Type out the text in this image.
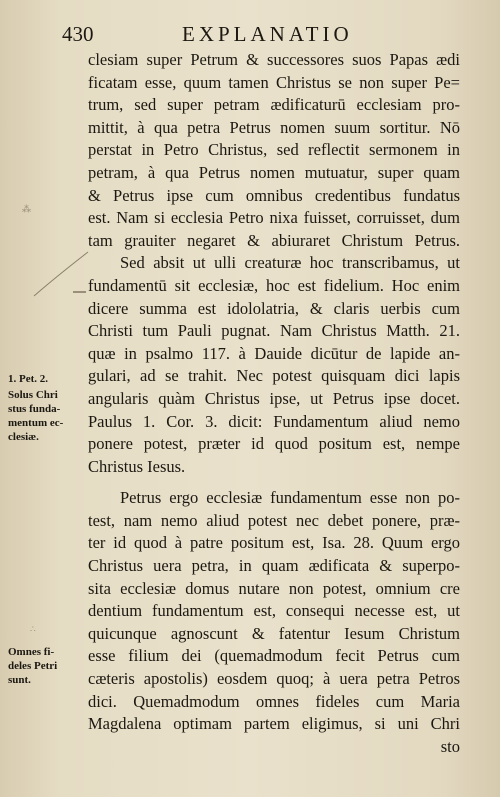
430	EXPLANATIO
clesiam super Petrum & successores suos Papas ædi
ficatam esse, quum tamen Christus se non super Pe=
trum, sed super petram ædificaturū ecclesiam pro-
mittit, à qua petra Petrus nomen suum sortitur. Nō
perstat in Petro Christus, sed reflectit sermonem in
petram, à qua Petrus nomen mutuatur, super quam
& Petrus ipse cum omnibus credentibus fundatus
est. Nam si ecclesia Petro nixa fuisset, corruisset, dum
tam grauiter negaret & abiuraret Christum Petrus.
Sed absit ut ulli creaturæ hoc transcribamus, ut
fundamentū sit ecclesiæ, hoc est fidelium. Hoc enim
dicere summa est idololatria, & claris uerbis cum
Christi tum Pauli pugnat. Nam Christus Matth. 21.
quæ in psalmo 117. à Dauide dicūtur de lapide an-
gulari, ad se trahit. Nec potest quisquam dici lapis
angularis quàm Christus ipse, ut Petrus ipse docet.
Paulus 1. Cor. 3. dicit: Fundamentum aliud nemo
ponere potest, præter id quod positum est, nempe
Christus Iesus.
Petrus ergo ecclesiæ fundamentum esse non po-
test, nam nemo aliud potest nec debet ponere, præ-
ter id quod à patre positum est, Isa. 28. Quum ergo
Christus uera petra, in quam ædificata & superpo-
sita ecclesiæ domus nutare non potest, omnium cre
dentium fundamentum est, consequi necesse est, ut
quicunque agnoscunt & fatentur Iesum Christum
esse filium dei (quemadmodum fecit Petrus cum
cæteris apostolis) eosdem quoq; à uera petra Petros
dici. Quemadmodum omnes fideles cum Maria
Magdalena optimam partem eligimus, si uni Chri
sto
1. Pet. 2.
Solus Chri
stus funda-
mentum ec-
clesiæ.
Omnes fi-
deles Petri
sunt.
⁂
∴
